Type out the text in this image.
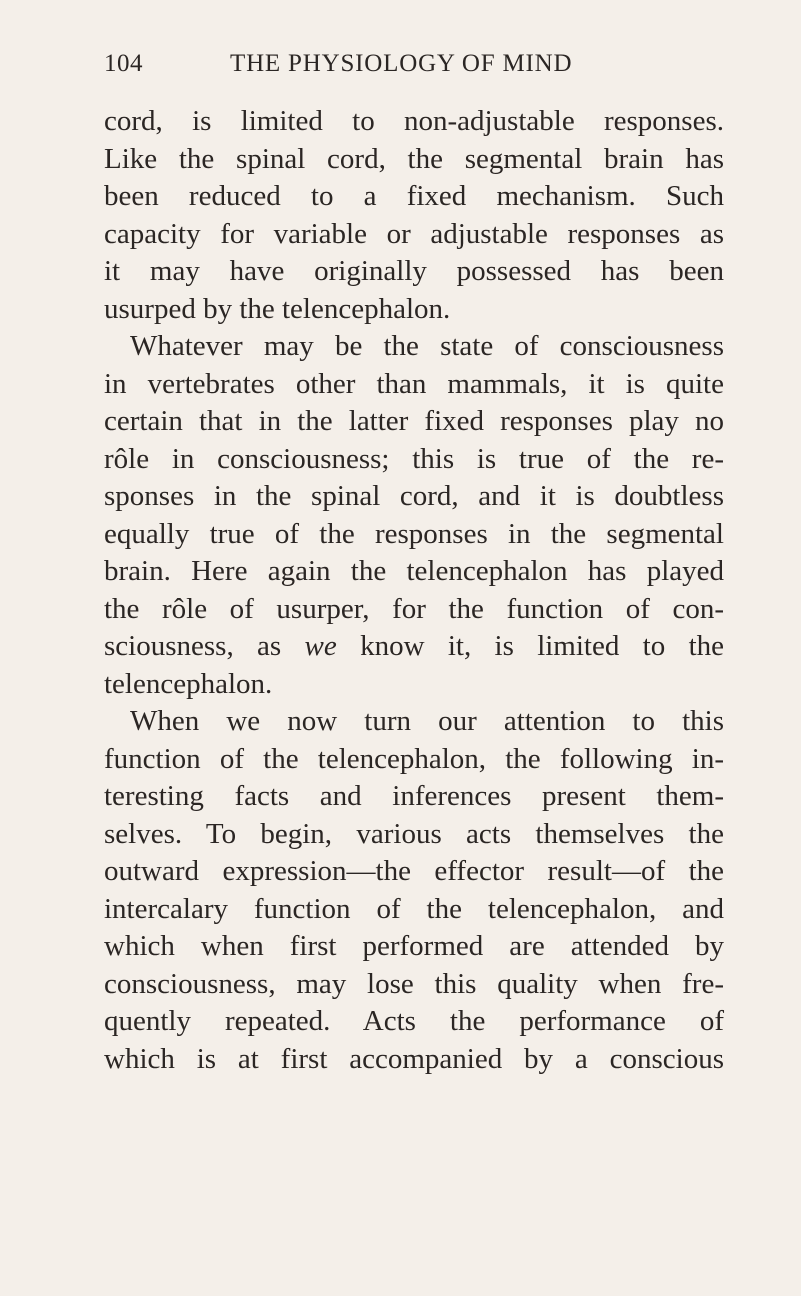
104	THE PHYSIOLOGY OF MIND
cord, is limited to non-adjustable responses.
Like the spinal cord, the segmental brain has
been reduced to a fixed mechanism. Such
capacity for variable or adjustable responses as
it may have originally possessed has been
usurped by the telencephalon.
Whatever may be the state of consciousness
in vertebrates other than mammals, it is quite
certain that in the latter fixed responses play no
rôle in consciousness; this is true of the re-
sponses in the spinal cord, and it is doubtless
equally true of the responses in the segmental
brain. Here again the telencephalon has played
the rôle of usurper, for the function of con-
sciousness, as we know it, is limited to the
telencephalon.
When we now turn our attention to this
function of the telencephalon, the following in-
teresting facts and inferences present them-
selves. To begin, various acts themselves the
outward expression—the effector result—of the
intercalary function of the telencephalon, and
which when first performed are attended by
consciousness, may lose this quality when fre-
quently repeated. Acts the performance of
which is at first accompanied by a conscious
